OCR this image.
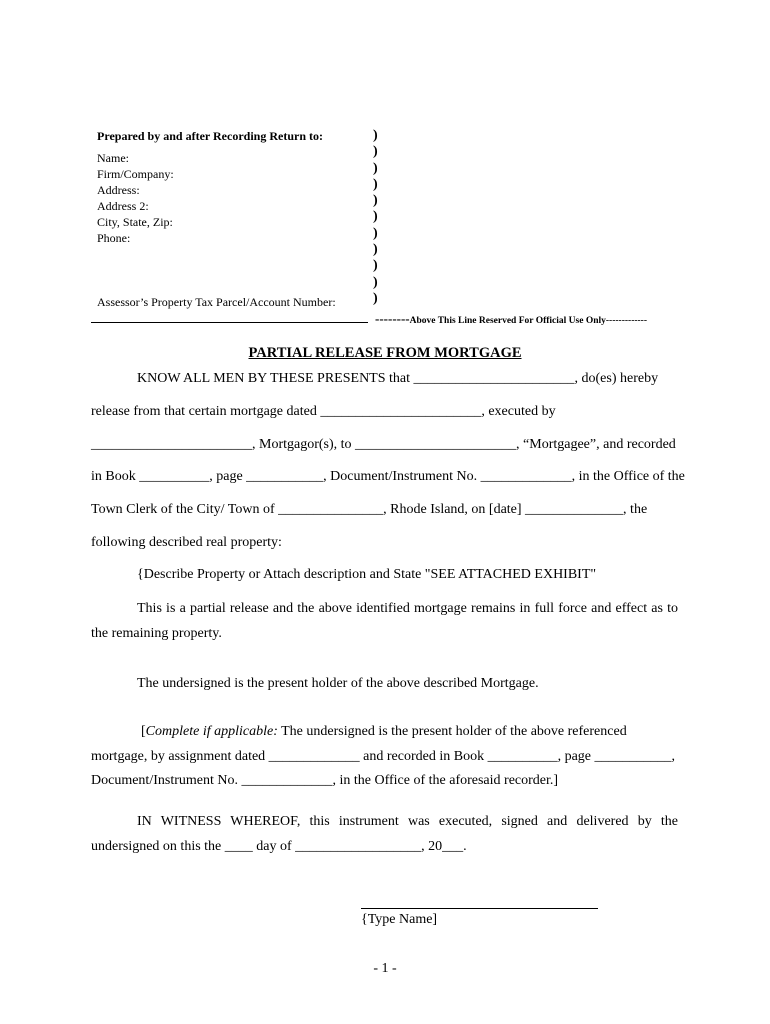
Prepared by and after Recording Return to:
Name:
Firm/Company:
Address:
Address 2:
City, State, Zip:
Phone:
Assessor’s Property Tax Parcel/Account Number:
)
)
)
)
)
)
)
)
)
)
)
--------Above This Line Reserved For Official Use Only-------------
PARTIAL RELEASE FROM MORTGAGE
KNOW ALL MEN BY THESE PRESENTS that _______________________, do(es) hereby
release from that certain mortgage dated _______________________, executed by
_______________________, Mortgagor(s), to _______________________, “Mortgagee”, and recorded
in Book __________, page ___________, Document/Instrument No. _____________, in the Office of the
Town Clerk of the City/ Town of _______________, Rhode Island, on [date] ______________, the
following described real property:
{Describe Property or Attach description and State "SEE ATTACHED EXHIBIT"
This is a partial release and the above identified mortgage remains in full force and effect as to
the remaining property.
The undersigned is the present holder of the above described Mortgage.
[Complete if applicable: The undersigned is the present holder of the above referenced
mortgage, by assignment dated _____________ and recorded in Book __________, page ___________,
Document/Instrument No. _____________, in the Office of the aforesaid recorder.]
IN WITNESS WHEREOF, this instrument was executed, signed and delivered by the
undersigned on this the ____ day of __________________, 20___.
{Type Name]
- 1 -
